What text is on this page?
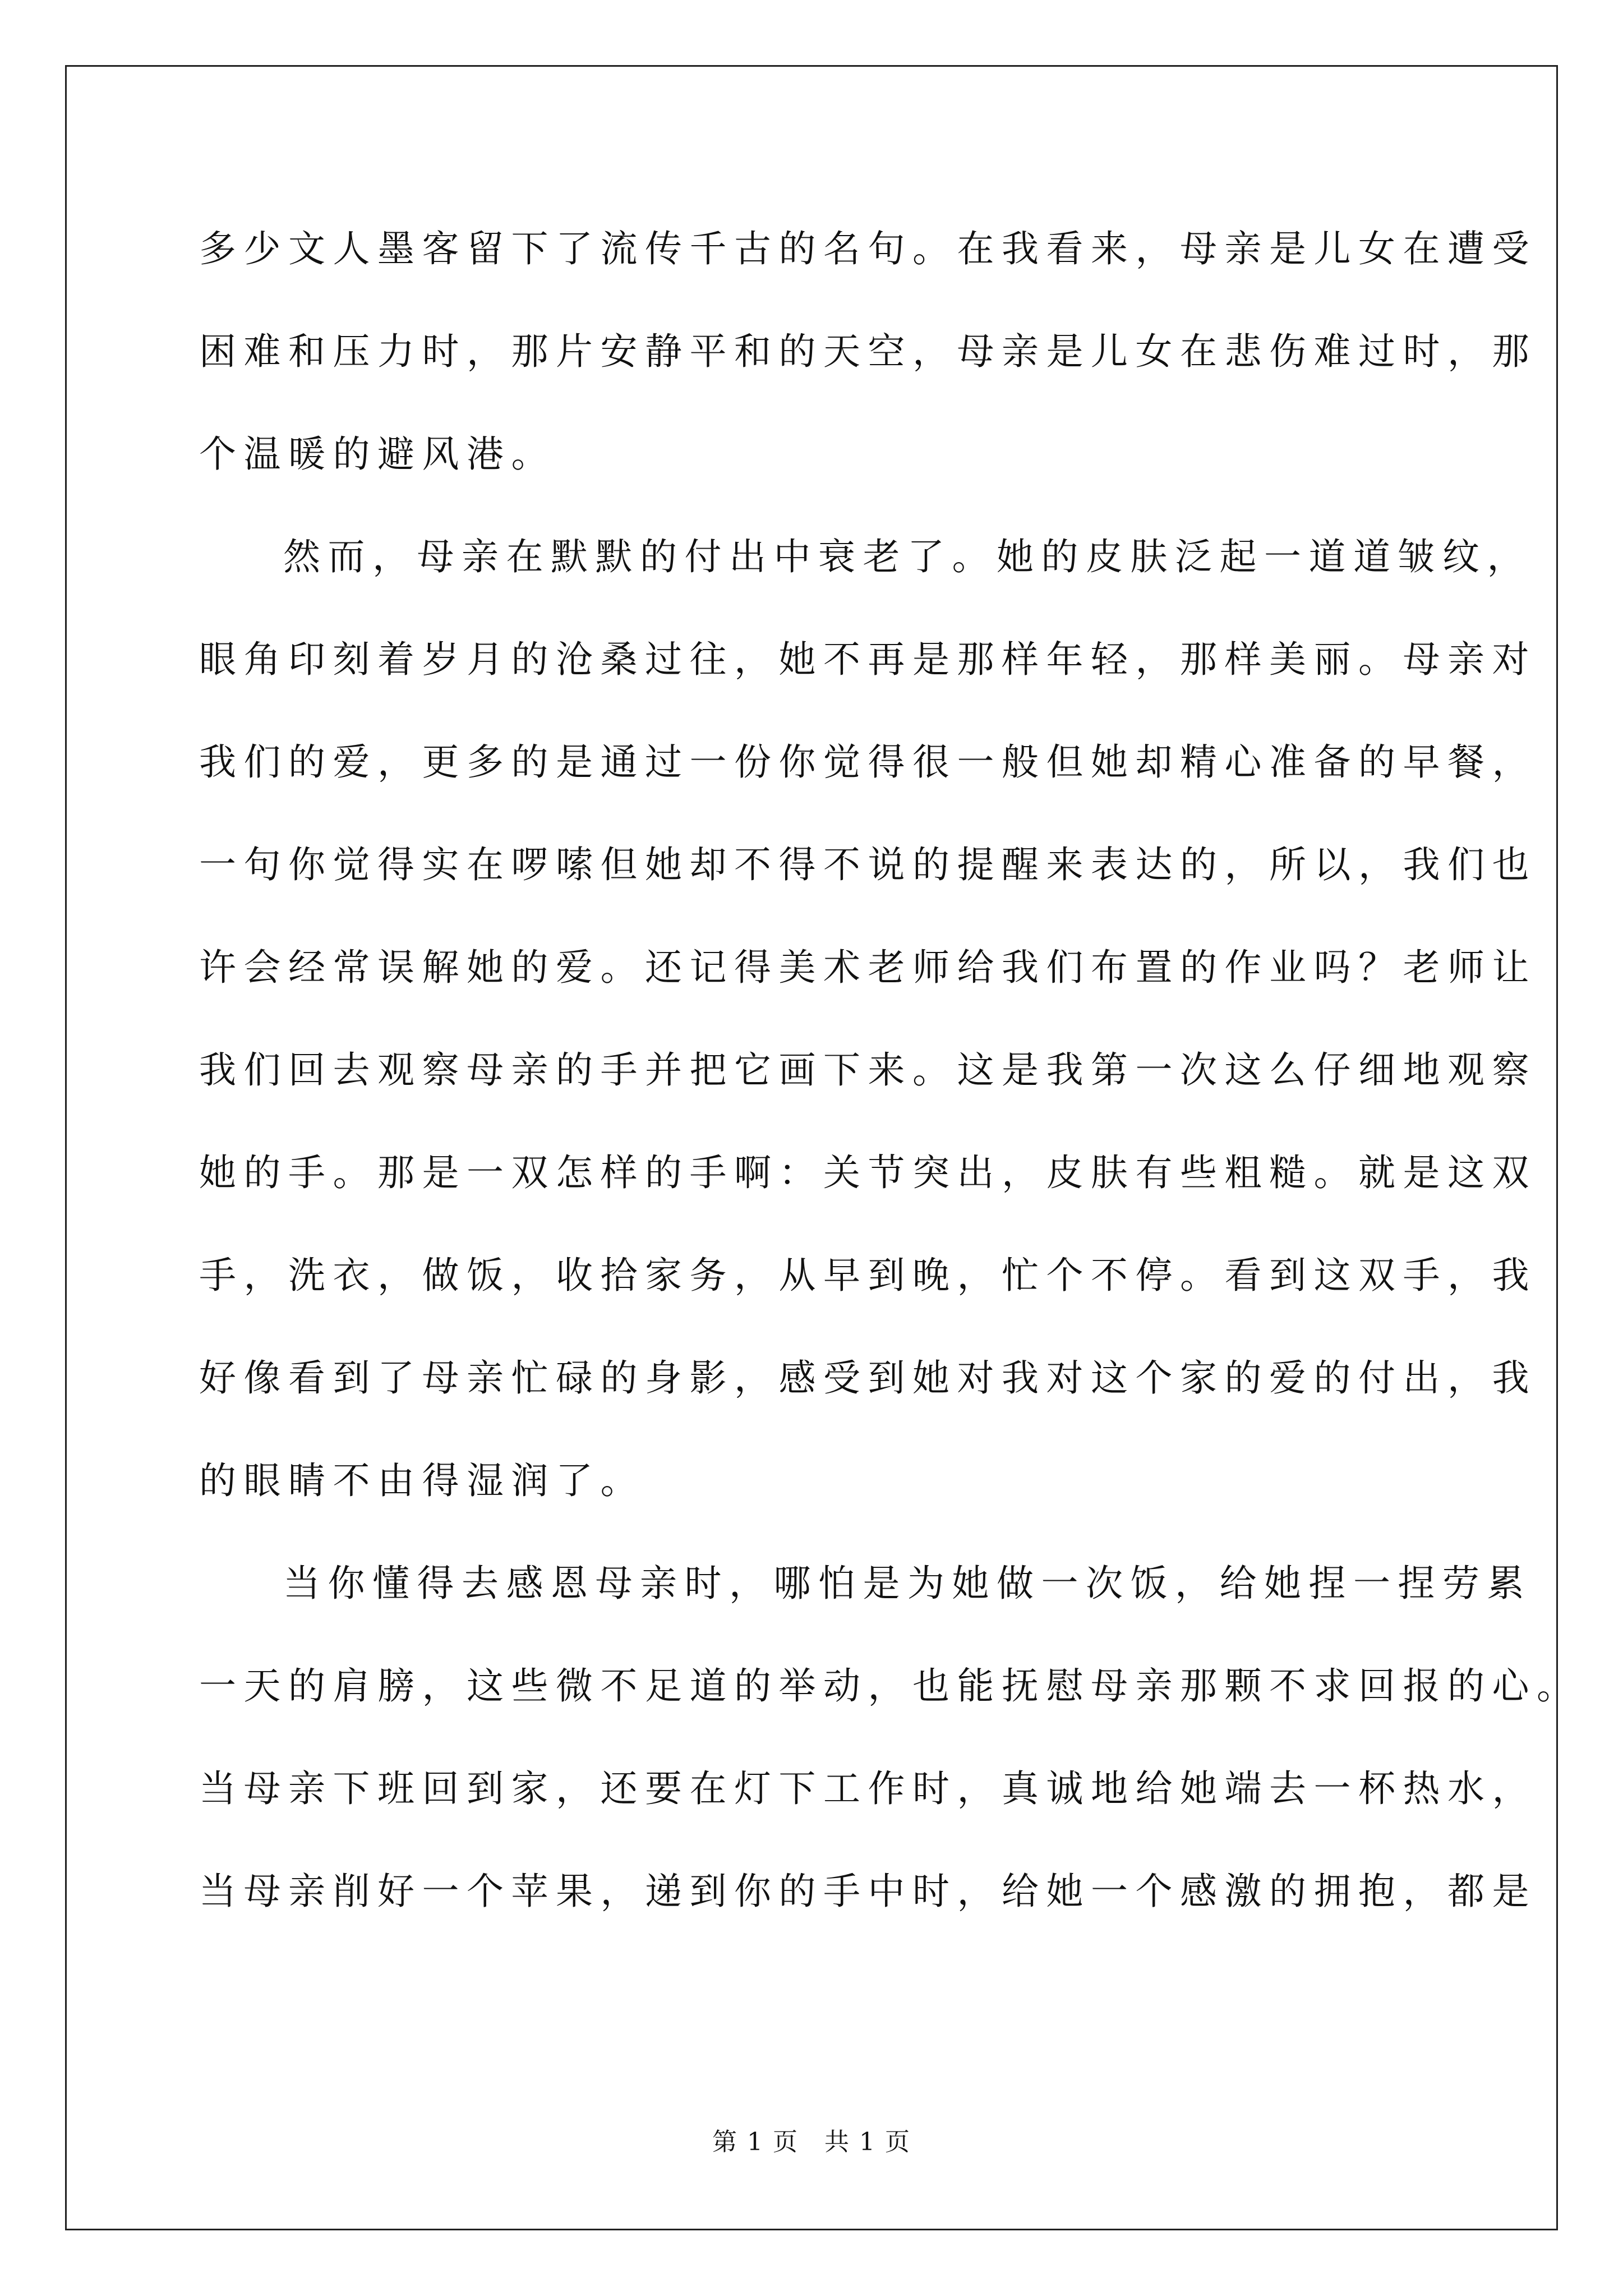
多少文人墨客留下了流传千古的名句。在我看来，母亲是儿女在遭受
困难和压力时，那片安静平和的天空，母亲是儿女在悲伤难过时，那
个温暖的避风港。
然而，母亲在默默的付出中衰老了。她的皮肤泛起一道道皱纹，
眼角印刻着岁月的沧桑过往，她不再是那样年轻，那样美丽。母亲对
我们的爱，更多的是通过一份你觉得很一般但她却精心准备的早餐，
一句你觉得实在啰嗦但她却不得不说的提醒来表达的，所以，我们也
许会经常误解她的爱。还记得美术老师给我们布置的作业吗？老师让
我们回去观察母亲的手并把它画下来。这是我第一次这么仔细地观察
她的手。那是一双怎样的手啊：关节突出，皮肤有些粗糙。就是这双
手，洗衣，做饭，收拾家务，从早到晚，忙个不停。看到这双手，我
好像看到了母亲忙碌的身影，感受到她对我对这个家的爱的付出，我
的眼睛不由得湿润了。
当你懂得去感恩母亲时，哪怕是为她做一次饭，给她捏一捏劳累
一天的肩膀，这些微不足道的举动，也能抚慰母亲那颗不求回报的心。
当母亲下班回到家，还要在灯下工作时，真诚地给她端去一杯热水，
当母亲削好一个苹果，递到你的手中时，给她一个感激的拥抱，都是
第 1 页　共 1 页
